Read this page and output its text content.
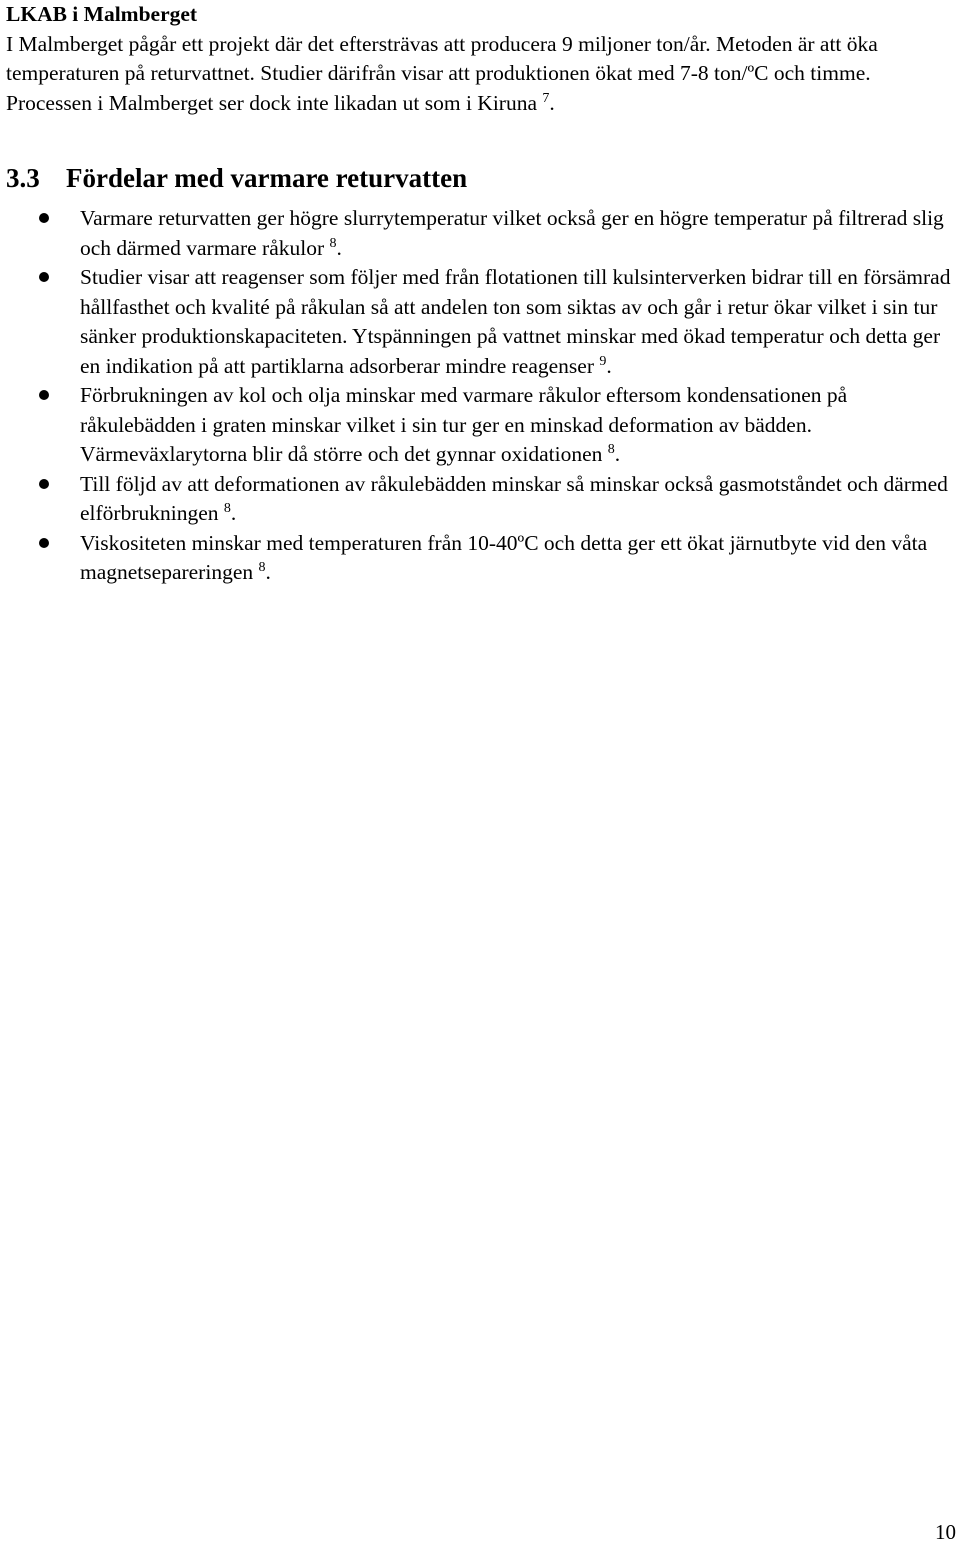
LKAB i Malmberget

I Malmberget pågår ett projekt där det eftersträvas att producera 9 miljoner ton/år. Metoden är att öka temperaturen på returvattnet. Studier därifrån visar att produktionen ökat med 7-8 ton/ºC och timme. Processen i Malmberget ser dock inte likadan ut som i Kiruna $^7$.

3.3 Fördelar med varmare returvatten
Varmare returvatten ger högre slurrytemperatur vilket också ger en högre temperatur på filtrerad slig och därmed varmare råkulor $^8$.
Studier visar att reagenser som följer med från flotationen till kulsinterverken bidrar till en försämrad hållfasthet och kvalité på råkulan så att andelen ton som siktas av och går i retur ökar vilket i sin tur sänker produktionskapaciteten. Ytspänningen på vattnet minskar med ökad temperatur och detta ger en indikation på att partiklarna adsorberar mindre reagenser $^9$.
Förbrukningen av kol och olja minskar med varmare råkulor eftersom kondensationen på råkulebädden i graten minskar vilket i sin tur ger en minskad deformation av bädden. Värmeväxlarytorna blir då större och det gynnar oxidationen $^8$.
Till följd av att deformationen av råkulebädden minskar så minskar också gasmotståndet och därmed elförbrukningen $^8$.
Viskositeten minskar med temperaturen från 10-40ºC och detta ger ett ökat järnutbyte vid den våta magnetsepareringen $^8$.
10
